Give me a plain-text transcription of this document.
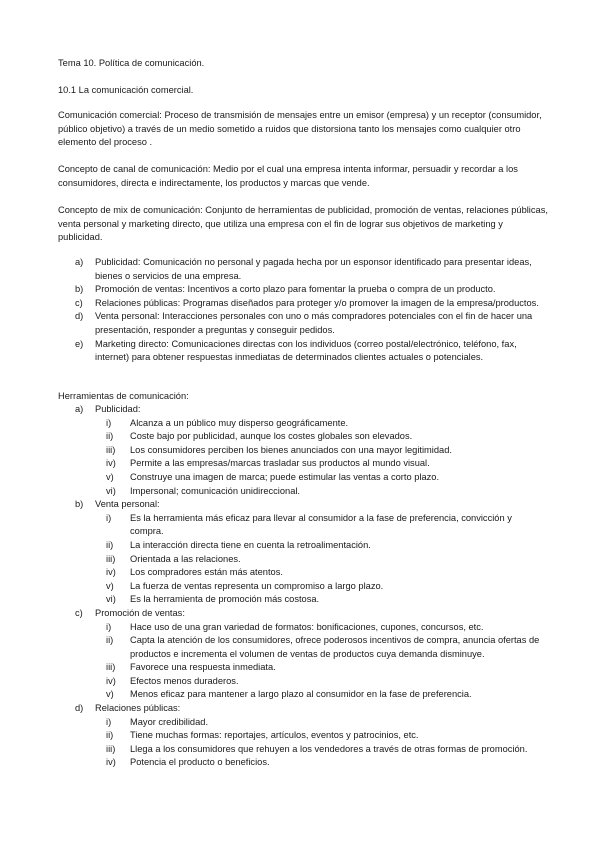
Tema 10. Política de comunicación.

10.1 La comunicación comercial.

Comunicación comercial: Proceso de transmisión de mensajes entre un emisor (empresa) y un receptor (consumidor, público objetivo) a través de un medio sometido a ruidos que distorsiona tanto los mensajes como cualquier otro elemento del proceso .

Concepto de canal de comunicación: Medio por el cual una empresa intenta informar, persuadir y recordar a los consumidores, directa e indirectamente, los productos y marcas que vende.

Concepto de mix de comunicación: Conjunto de herramientas de publicidad, promoción de ventas, relaciones públicas, venta personal y marketing directo, que utiliza una empresa con el fin de lograr sus objetivos de marketing y publicidad.

a)	Publicidad: Comunicación no personal y pagada hecha por un esponsor identificado para presentar ideas, bienes o servicios de una empresa.
b)	Promoción de ventas: Incentivos a corto plazo para fomentar la prueba o compra de un producto.
c)	Relaciones públicas: Programas diseñados para proteger y/o promover la imagen de la empresa/productos.
d)	Venta personal: Interacciones personales con uno o más compradores potenciales con el fin de hacer una presentación, responder a preguntas y conseguir pedidos.
e)	Marketing directo: Comunicaciones directas con los individuos (correo postal/electrónico, teléfono, fax, internet) para obtener respuestas inmediatas de determinados clientes actuales o potenciales.

Herramientas de comunicación:

a)	Publicidad:
i)	Alcanza a un público muy disperso geográficamente.
ii)	Coste bajo por publicidad, aunque los costes globales son elevados.
iii)	Los consumidores perciben los bienes anunciados con una mayor legitimidad.
iv)	Permite a las empresas/marcas trasladar sus productos al mundo visual.
v)	Construye una imagen de marca; puede estimular las ventas a corto plazo.
vi)	Impersonal; comunicación unidireccional.
b)	Venta personal:
i)	Es la herramienta más eficaz para llevar al consumidor a la fase de preferencia, convicción y compra.
ii)	La interacción directa tiene en cuenta la retroalimentación.
iii)	Orientada a las relaciones.
iv)	Los compradores están más atentos.
v)	La fuerza de ventas representa un compromiso a largo plazo.
vi)	Es la herramienta de promoción más costosa.
c)	Promoción de ventas:
i)	Hace uso de una gran variedad de formatos: bonificaciones, cupones, concursos, etc.
ii)	Capta la atención de los consumidores, ofrece poderosos incentivos de compra, anuncia ofertas de productos e incrementa el volumen de ventas de productos cuya demanda disminuye.
iii)	Favorece una respuesta inmediata.
iv)	Efectos menos duraderos.
v)	Menos eficaz para mantener a largo plazo al consumidor en la fase de preferencia.
d)	Relaciones públicas:
i)	Mayor credibilidad.
ii)	Tiene muchas formas: reportajes, artículos, eventos y patrocinios, etc.
iii)	Llega a los consumidores que rehuyen a los vendedores a través de otras formas de promoción.
iv)	Potencia el producto o beneficios.
